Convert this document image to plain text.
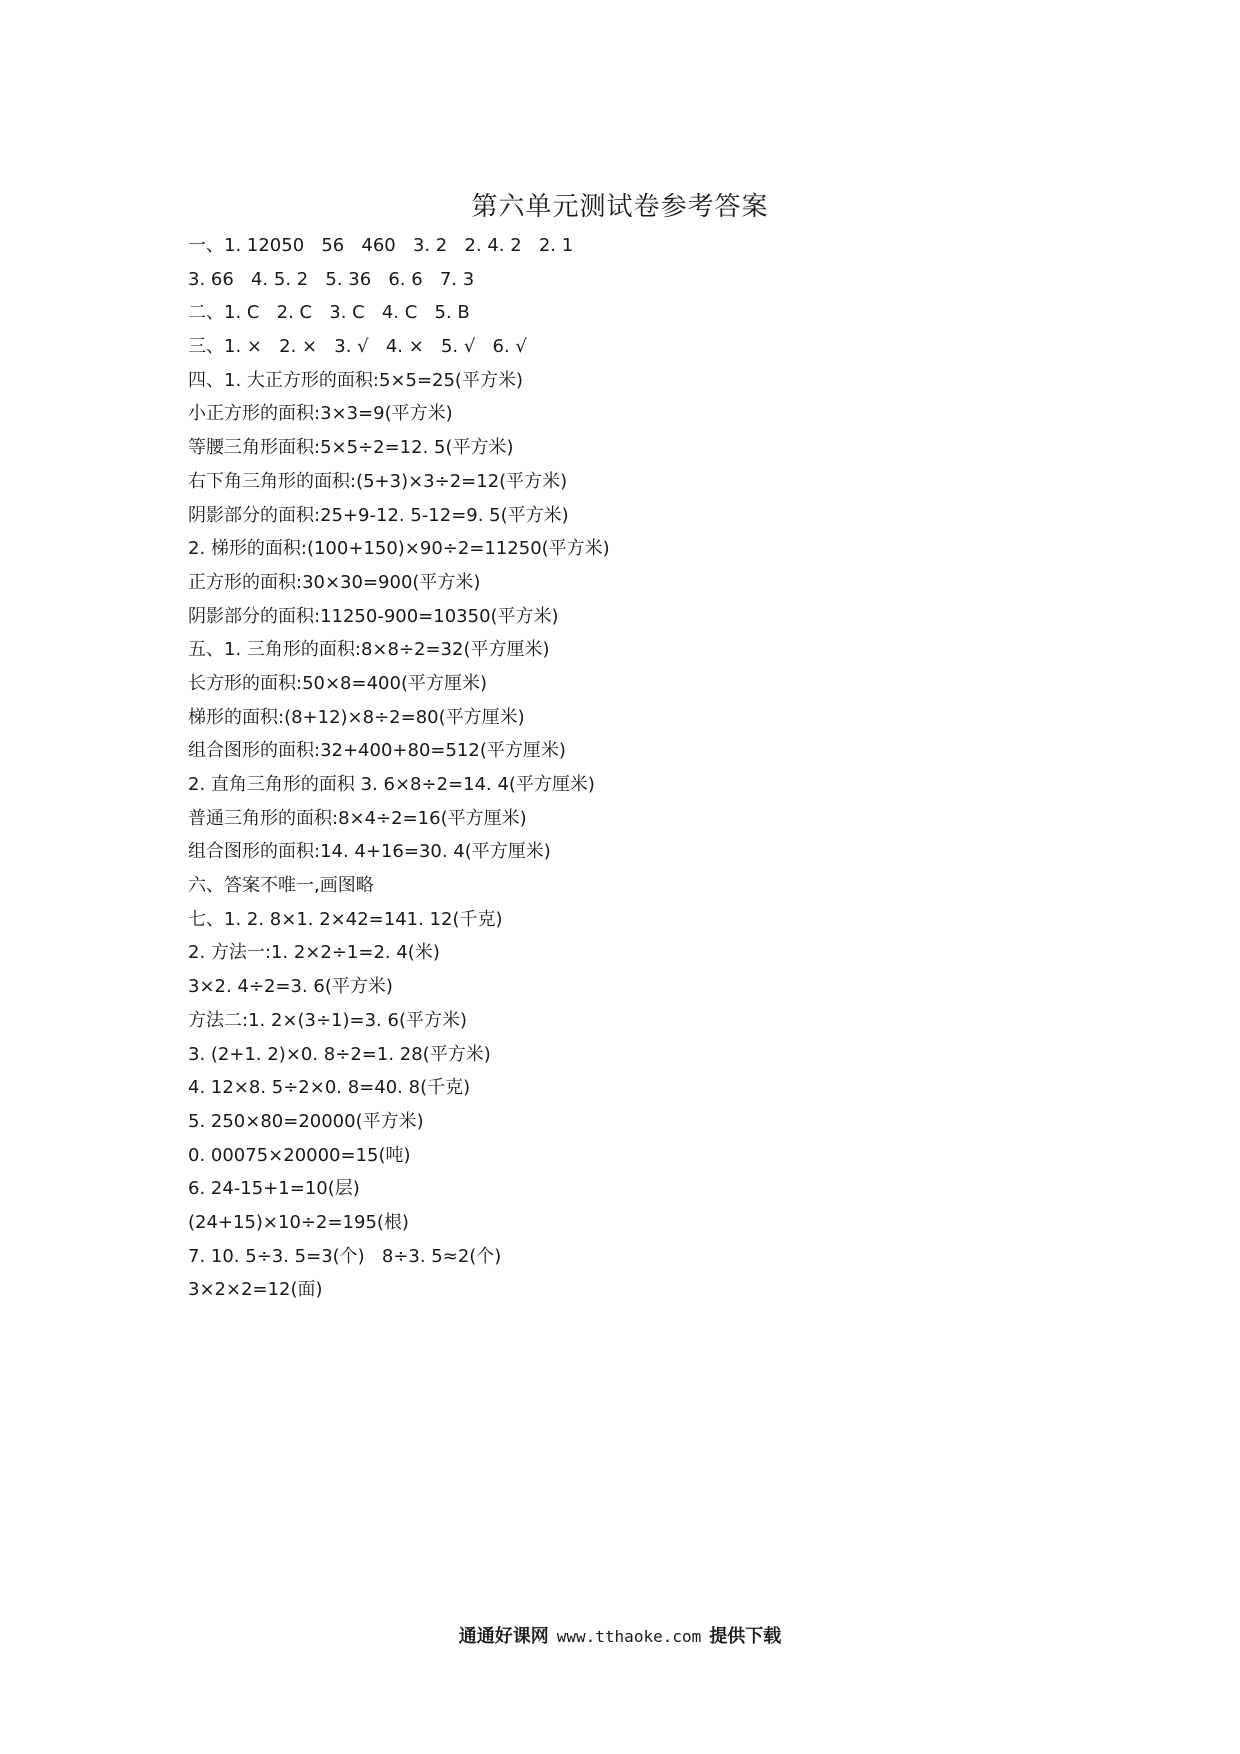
第六单元测试卷参考答案
一、1. 12050   56   460   3. 2   2. 4. 2   2. 1
3. 66   4. 5. 2   5. 36   6. 6   7. 3
二、1. C   2. C   3. C   4. C   5. B
三、1. ×   2. ×   3. √   4. ×   5. √   6. √
四、1. 大正方形的面积:5×5=25(平方米)
小正方形的面积:3×3=9(平方米)
等腰三角形面积:5×5÷2=12. 5(平方米)
右下角三角形的面积:(5+3)×3÷2=12(平方米)
阴影部分的面积:25+9-12. 5-12=9. 5(平方米)
2. 梯形的面积:(100+150)×90÷2=11250(平方米)
正方形的面积:30×30=900(平方米)
阴影部分的面积:11250-900=10350(平方米)
五、1. 三角形的面积:8×8÷2=32(平方厘米)
长方形的面积:50×8=400(平方厘米)
梯形的面积:(8+12)×8÷2=80(平方厘米)
组合图形的面积:32+400+80=512(平方厘米)
2. 直角三角形的面积 3. 6×8÷2=14. 4(平方厘米)
普通三角形的面积:8×4÷2=16(平方厘米)
组合图形的面积:14. 4+16=30. 4(平方厘米)
六、答案不唯一,画图略
七、1. 2. 8×1. 2×42=141. 12(千克)
2. 方法一:1. 2×2÷1=2. 4(米)
3×2. 4÷2=3. 6(平方米)
方法二:1. 2×(3÷1)=3. 6(平方米)
3. (2+1. 2)×0. 8÷2=1. 28(平方米)
4. 12×8. 5÷2×0. 8=40. 8(千克)
5. 250×80=20000(平方米)
0. 00075×20000=15(吨)
6. 24-15+1=10(层)
(24+15)×10÷2=195(根)
7. 10. 5÷3. 5=3(个)   8÷3. 5≈2(个)
3×2×2=12(面)
通通好课网 www.tthaoke.com 提供下载
